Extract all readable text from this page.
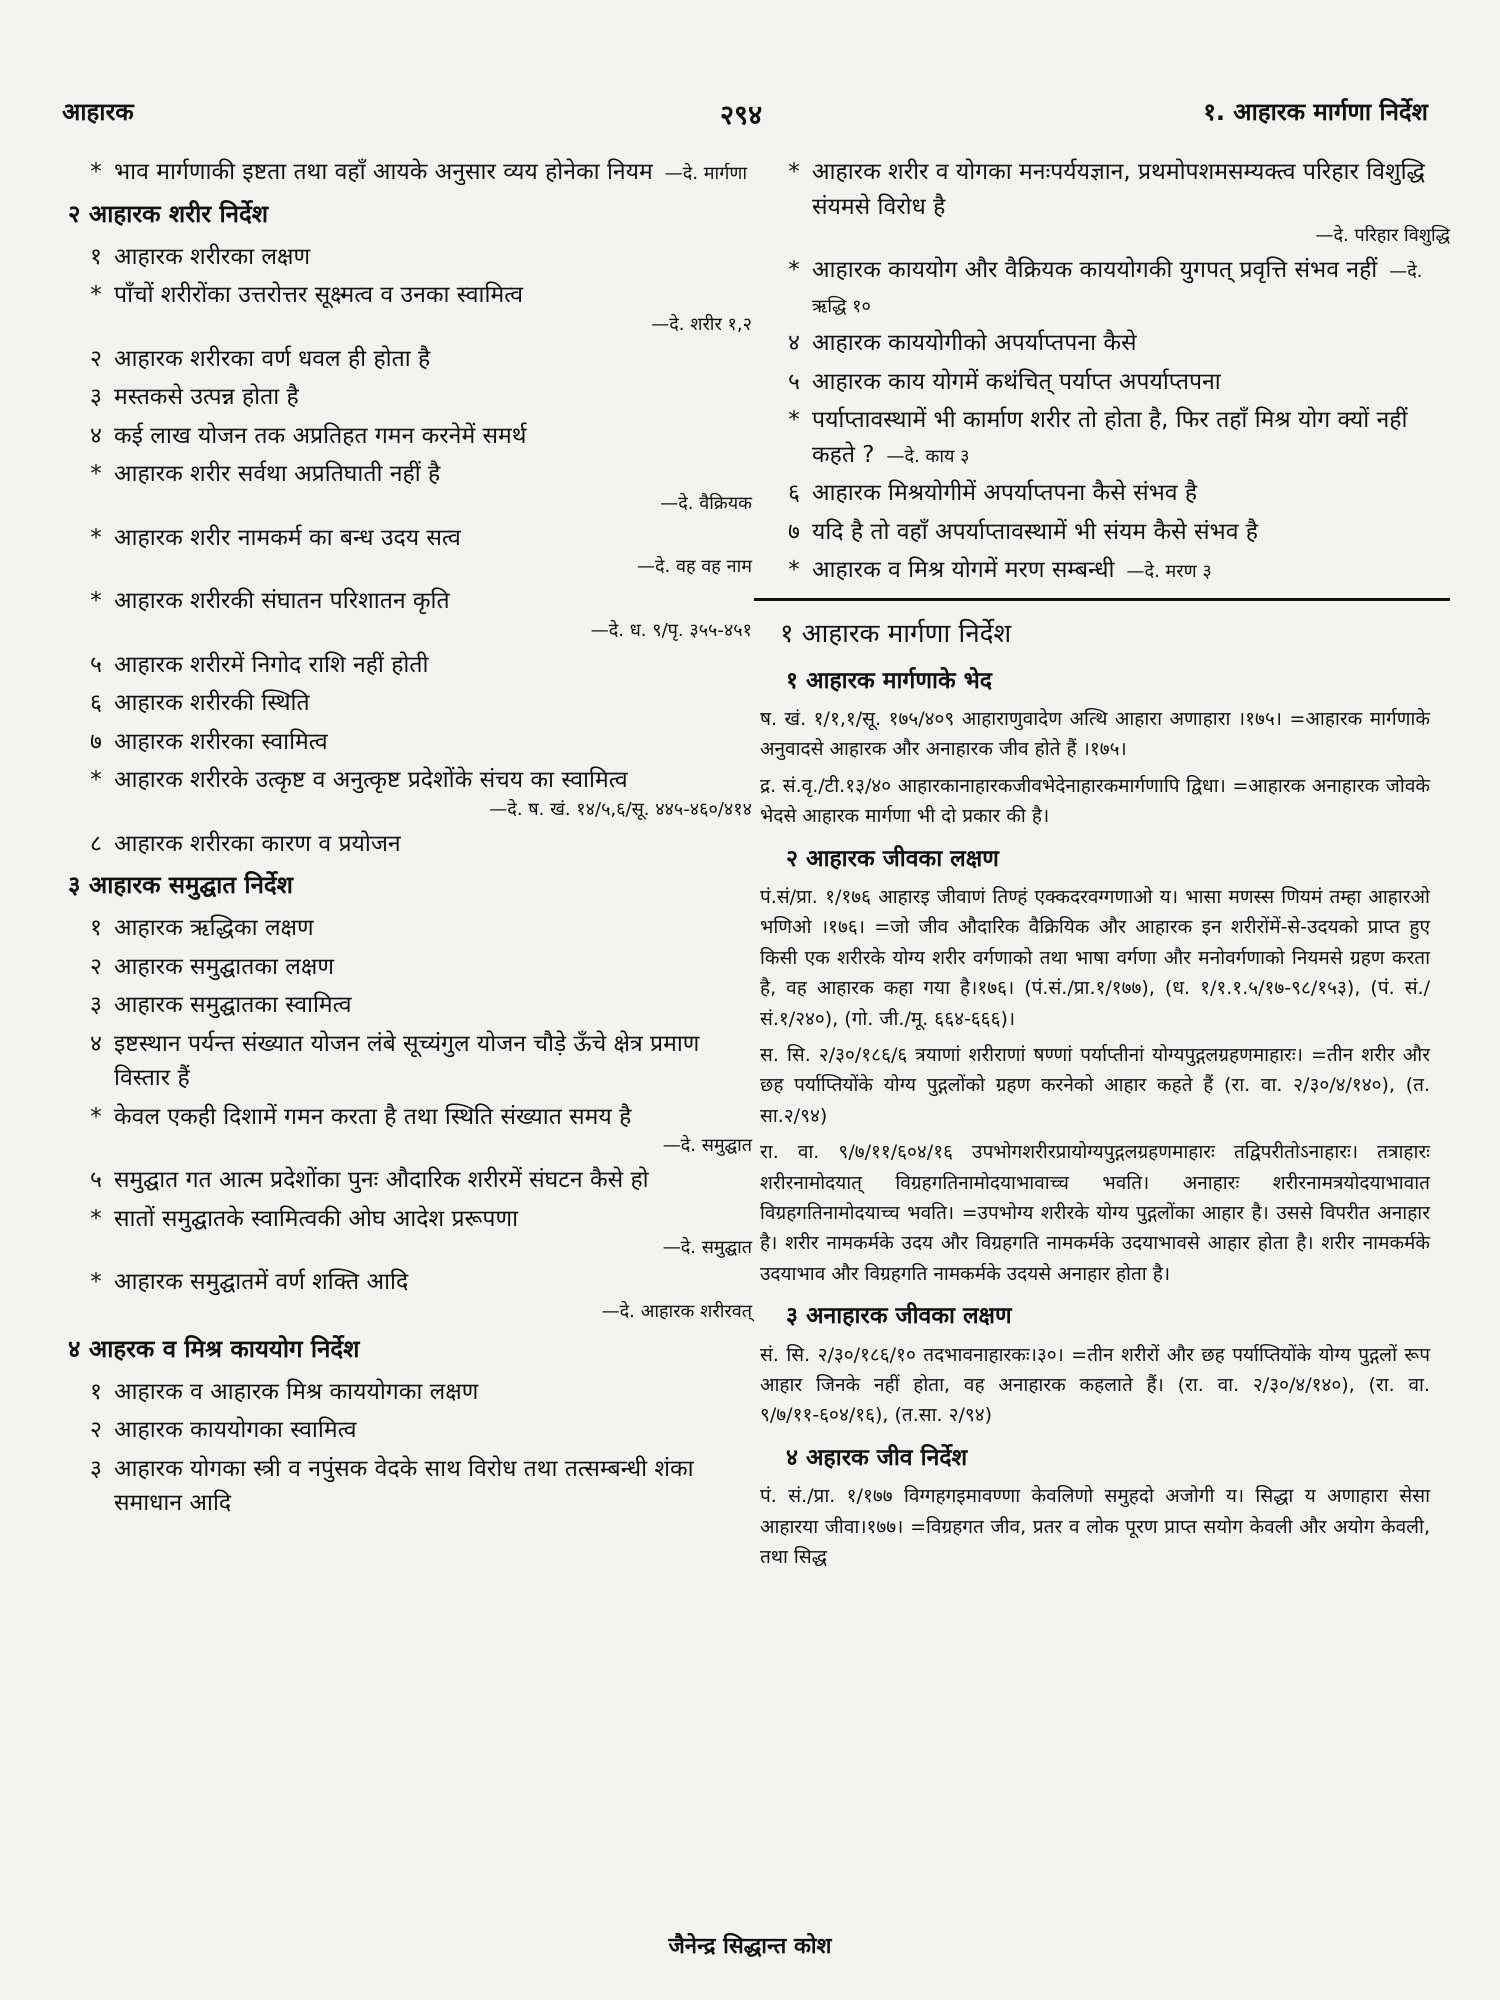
आहारक	२९४	१. आहारक मार्गणा निर्देश
* भाव मार्गणाकी इष्टता तथा वहाँ आयके अनुसार व्यय होनेका नियम —दे. मार्गणा
२ आहारक शरीर निर्देश
१ आहारक शरीरका लक्षण
* पाँचों शरीरोंका उत्तरोत्तर सूक्ष्मत्व व उनका स्वामित्व
—दे. शरीर १,२
२ आहारक शरीरका वर्ण धवल ही होता है
३ मस्तकसे उत्पन्न होता है
४ कई लाख योजन तक अप्रतिहत गमन करनेमें समर्थ
* आहारक शरीर सर्वथा अप्रतिघाती नहीं है
—दे. वैक्रियक
* आहारक शरीर नामकर्म का बन्ध उदय सत्व
—दे. वह वह नाम
* आहारक शरीरकी संघातन परिशातन कृति
—दे. ध. ९/पृ. ३५५-४५१
५ आहारक शरीरमें निगोद राशि नहीं होती
६ आहारक शरीरकी स्थिति
७ आहारक शरीरका स्वामित्व
* आहारक शरीरके उत्कृष्ट व अनुत्कृष्ट प्रदेशोंके संचय का स्वामित्व
—दे. ष. खं. १४/५,६/सू. ४४५-४६०/४१४
८ आहारक शरीरका कारण व प्रयोजन
३ आहारक समुद्घात निर्देश
१ आहारक ऋद्धिका लक्षण
२ आहारक समुद्घातका लक्षण
३ आहारक समुद्घातका स्वामित्व
४ इष्टस्थान पर्यन्त संख्यात योजन लंबे सूच्यंगुल योजन चौड़े ऊँचे क्षेत्र प्रमाण विस्तार हैं
* केवल एकही दिशामें गमन करता है तथा स्थिति संख्यात समय है
—दे. समुद्घात
५ समुद्घात गत आत्म प्रदेशोंका पुनः औदारिक शरीरमें संघटन कैसे हो
* सातों समुद्घातके स्वामित्वकी ओघ आदेश प्ररूपणा
—दे. समुद्घात
* आहारक समुद्घातमें वर्ण शक्ति आदि
—दे. आहारक शरीरवत्
४ आहरक व मिश्र काययोग निर्देश
१ आहारक व आहारक मिश्र काययोगका लक्षण
२ आहारक काययोगका स्वामित्व
३ आहारक योगका स्त्री व नपुंसक वेदके साथ विरोध तथा तत्सम्बन्धी शंका समाधान आदि
* आहारक शरीर व योगका मनःपर्ययज्ञान, प्रथमोपशमसम्यक्त्व परिहार विशुद्धि संयमसे विरोध है
—दे. परिहार विशुद्धि
* आहारक काययोग और वैक्रियक काययोगकी युगपत् प्रवृत्ति संभव नहीं —दे. ऋद्धि १०
४ आहारक काययोगीको अपर्याप्तपना कैसे
५ आहारक काय योगमें कथंचित् पर्याप्त अपर्याप्तपना
* पर्याप्तावस्थामें भी कार्माण शरीर तो होता है, फिर तहाँ मिश्र योग क्यों नहीं कहते ? —दे. काय ३
६ आहारक मिश्रयोगीमें अपर्याप्तपना कैसे संभव है
७ यदि है तो वहाँ अपर्याप्तावस्थामें भी संयम कैसे संभव है
* आहारक व मिश्र योगमें मरण सम्बन्धी —दे. मरण ३
१ आहारक मार्गणा निर्देश
१ आहारक मार्गणाके भेद

ष. खं. १/१,१/सू. १७५/४०९ आहाराणुवादेण अत्थि आहारा अणाहारा ।१७५। =आहारक मार्गणाके अनुवादसे आहारक और अनाहारक जीव होते हैं ।१७५।

द्र. सं.वृ./टी.१३/४० आहारकानाहारकजीवभेदेनाहारकमार्गणापि द्विधा। =आहारक अनाहारक जोवके भेदसे आहारक मार्गणा भी दो प्रकार की है।

२ आहारक जीवका लक्षण

पं.सं/प्रा. १/१७६ आहारइ जीवाणं तिण्हं एक्कदरवग्गणाओ य। भासा मणस्स णियमं तम्हा आहारओ भणिओ ।१७६। =जो जीव औदारिक वैक्रियिक और आहारक इन शरीरोंमें-से-उदयको प्राप्त हुए किसी एक शरीरके योग्य शरीर वर्गणाको तथा भाषा वर्गणा और मनोवर्गणाको नियमसे ग्रहण करता है, वह आहारक कहा गया है।१७६। (पं.सं./प्रा.१/१७७), (ध. १/१.१.५/१७-९८/१५३), (पं. सं./सं.१/२४०), (गो. जी./मू. ६६४-६६६)।

स. सि. २/३०/१८६/६ त्रयाणां शरीराणां षण्णां पर्याप्तीनां योग्यपुद्गलग्रहणमाहारः। =तीन शरीर और छह पर्याप्तियोंके योग्य पुद्गलोंको ग्रहण करनेको आहार कहते हैं (रा. वा. २/३०/४/१४०), (त. सा.२/९४)

रा. वा. ९/७/११/६०४/१६ उपभोगशरीरप्रायोग्यपुद्गलग्रहणमाहारः तद्विपरीतोऽनाहारः। तत्राहारः शरीरनामोदयात् विग्रहगतिनामोदयाभावाच्च भवति। अनाहारः शरीरनामत्रयोदयाभावात विग्रहगतिनामोदयाच्च भवति। =उपभोग्य शरीरके योग्य पुद्गलोंका आहार है। उससे विपरीत अनाहार है। शरीर नामकर्मके उदय और विग्रहगति नामकर्मके उदयाभावसे आहार होता है। शरीर नामकर्मके उदयाभाव और विग्रहगति नामकर्मके उदयसे अनाहार होता है।

३ अनाहारक जीवका लक्षण

सं. सि. २/३०/१८६/१० तदभावनाहारकः।३०। =तीन शरीरों और छह पर्याप्तियोंके योग्य पुद्गलों रूप आहार जिनके नहीं होता, वह अनाहारक कहलाते हैं। (रा. वा. २/३०/४/१४०), (रा. वा. ९/७/११-६०४/१६), (त.सा. २/९४)

४ अहारक जीव निर्देश

पं. सं./प्रा. १/१७७ विग्गहगइमावण्णा केवलिणो समुहदो अजोगी य। सिद्धा य अणाहारा सेसा आहारया जीवा।१७७। =विग्रहगत जीव, प्रतर व लोक पूरण प्राप्त सयोग केवली और अयोग केवली, तथा सिद्ध

जैनेन्द्र सिद्धान्त कोश
